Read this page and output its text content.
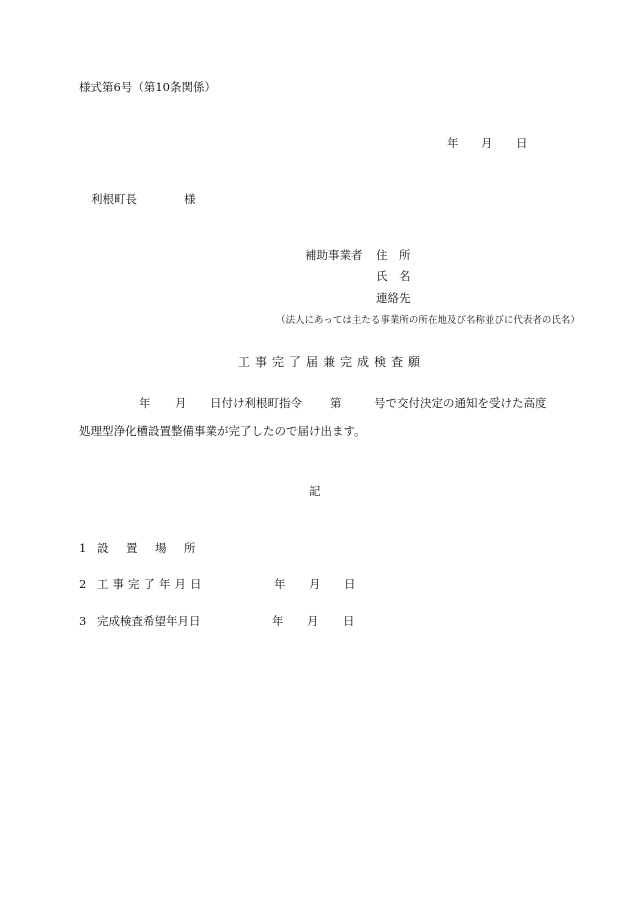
様式第6号（第10条関係）
年 月 日
利根町長	様
補助事業者 住　所
氏　名
連絡先
（法人にあっては主たる事業所の所在地及び名称並びに代表者の氏名）
工事完了届兼完成検査願
年 月 日付け利根町指令 第	号で交付決定の通知を受けた高度
処理型浄化槽設置整備事業が完了したので届け出ます。
記
1 設　置　場　所
2 工事完了年月日	年 月 日
3 完成検査希望年月日	年 月 日
